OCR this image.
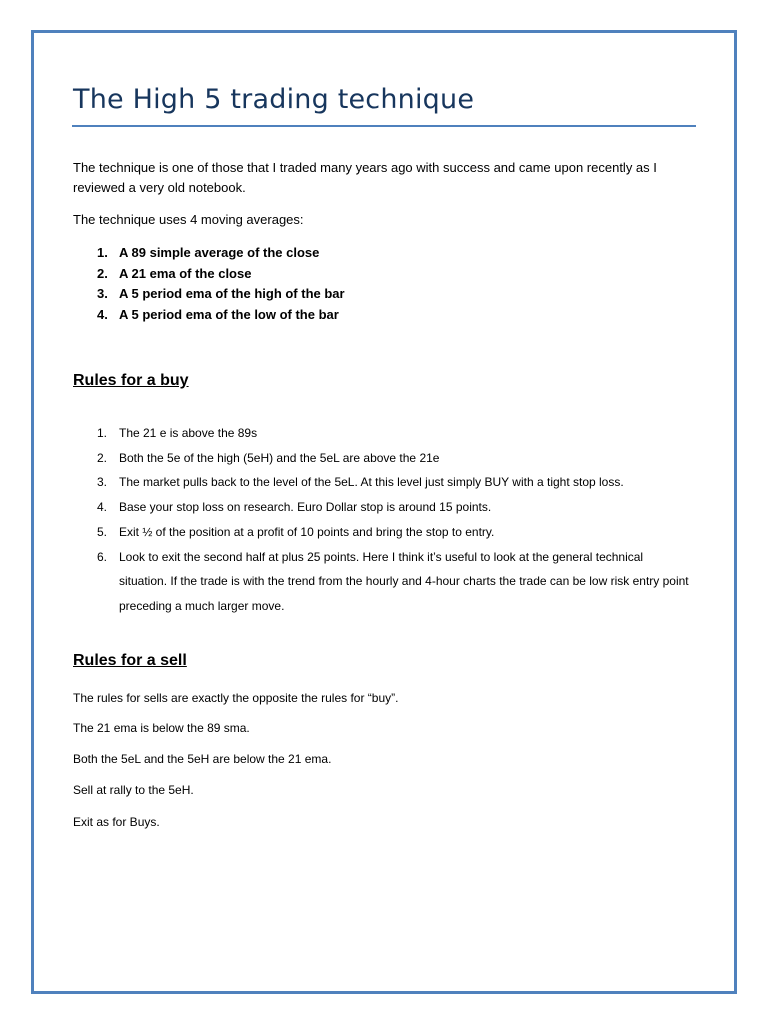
The High 5 trading technique

The technique is one of those that I traded many years ago with success and came upon recently as I reviewed a very old notebook.

The technique uses 4 moving averages:

1. A 89 simple average of the close
2. A 21 ema of the close
3. A 5 period ema of the high of the bar
4. A 5 period ema of the low of the bar
Rules for a buy
1. The 21 e is above the 89s
2. Both the 5e of the high (5eH) and the 5eL are above the 21e
3. The market pulls back to the level of the 5eL. At this level just simply BUY with a tight stop loss.
4. Base your stop loss on research. Euro Dollar stop is around 15 points.
5. Exit ½ of the position at a profit of 10 points and bring the stop to entry.
6. Look to exit the second half at plus 25 points. Here I think it’s useful to look at the general technical situation. If the trade is with the trend from the hourly and 4-hour charts the trade can be low risk entry point preceding a much larger move.
Rules for a sell

The rules for sells are exactly the opposite the rules for “buy”.

The 21 ema is below the 89 sma.

Both the 5eL and the 5eH are below the 21 ema.

Sell at rally to the 5eH.

Exit as for Buys.
